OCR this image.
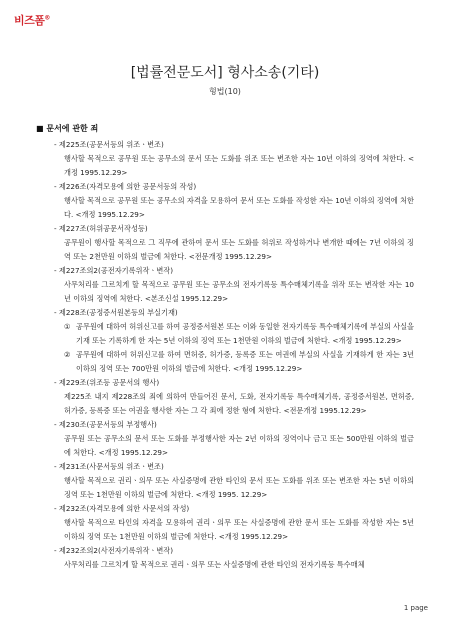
비즈폼®
[법률전문도서] 형사소송(기타)
형법(10)
■ 문서에 관한 죄
- 제225조(공문서등의 위조ㆍ변조)
행사할 목적으로 공무원 또는 공무소의 문서 또는 도화를 위조 또는 변조한 자는 10년 이하의 징역에 처한다. <개정 1995.12.29>
- 제226조(자격모용에 의한 공문서등의 작성)
행사할 목적으로 공무원 또는 공무소의 자격을 모용하여 문서 또는 도화를 작성한 자는 10년 이하의 징역에 처한다. <개정 1995.12.29>
- 제227조(허위공문서작성등)
공무원이 행사할 목적으로 그 직무에 관하여 문서 또는 도화를 허위로 작성하거나 변개한 때에는 7년 이하의 징역 또는 2천만원 이하의 벌금에 처한다. <전문개정 1995.12.29>
- 제227조의2(공전자기록위작ㆍ변작)
사무처리를 그르치게 할 목적으로 공무원 또는 공무소의 전자기록등 특수매체기록을 위작 또는 변작한 자는 10년 이하의 징역에 처한다. <본조신설 1995.12.29>
- 제228조(공정증서원본등의 부실기재)
① 공무원에 대하여 허위신고를 하여 공정증서원본 또는 이와 동일한 전자기록등 특수매체기록에 부실의 사실을 기재 또는 기록하게 한 자는 5년 이하의 징역 또는 1천만원 이하의 벌금에 처한다. <개정 1995.12.29>
② 공무원에 대하여 허위신고를 하여 면허증, 허가증, 등록증 또는 여권에 부실의 사실을 기재하게 한 자는 3년 이하의 징역 또는 700만원 이하의 벌금에 처한다. <개정 1995.12.29>
- 제229조(위조등 공문서의 행사)
제225조 내지 제228조의 죄에 의하여 만들어진 문서, 도화, 전자기록등 특수매체기록, 공정증서원본, 면허증, 허가증, 등록증 또는 여권을 행사한 자는 그 각 죄에 정한 형에 처한다. <전문개정 1995.12.29>
- 제230조(공문서등의 부정행사)
공무원 또는 공무소의 문서 또는 도화를 부정행사한 자는 2년 이하의 징역이나 금고 또는 500만원 이하의 벌금에 처한다. <개정 1995.12.29>
- 제231조(사문서등의 위조ㆍ변조)
행사할 목적으로 권리ㆍ의무 또는 사실증명에 관한 타인의 문서 또는 도화를 위조 또는 변조한 자는 5년 이하의 징역 또는 1천만원 이하의 벌금에 처한다. <개정 1995. 12.29>
- 제232조(자격모용에 의한 사문서의 작성)
행사할 목적으로 타인의 자격을 모용하여 권리ㆍ의무 또는 사실증명에 관한 문서 또는 도화를 작성한 자는 5년 이하의 징역 또는 1천만원 이하의 벌금에 처한다. <개정 1995.12.29>
- 제232조의2(사전자기록위작ㆍ변작)
사무처리를 그르치게 할 목적으로 권리ㆍ의무 또는 사실증명에 관한 타인의 전자기록등 특수매체
1 page
